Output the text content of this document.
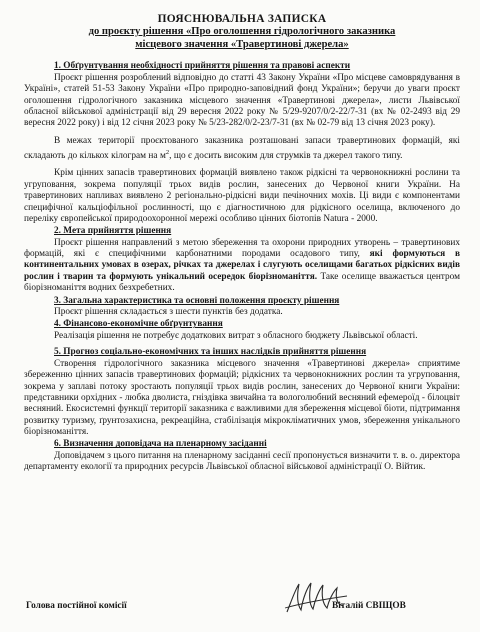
ПОЯСНЮВАЛЬНА ЗАПИСКА

до проєкту рішення «Про оголошення гідрологічного заказника

місцевого значення «Травертинові джерела»

1. Обґрунтування необхідності прийняття рішення та правові аспекти

Проєкт рішення розроблений відповідно до статті 43 Закону України «Про місцеве самоврядування в Україні», статей 51-53 Закону України «Про природно-заповідний фонд України»; беручи до уваги проєкт оголошення гідрологічного заказника місцевого значення «Травертинові джерела», листи Львівської обласної військової адміністрації від 29 вересня 2022 року № 5/29-9207/0/2-22/7-31 (вх № 02-2493 від 29 вересня 2022 року) і від 12 січня 2023 року № 5/23-282/0/2-23/7-31 (вх № 02-79 від 13 січня 2023 року).

В межах території проєктованого заказника розташовані запаси травертинових формацій, які складають до кількох кілограм на $м^2$, що є досить високим для струмків та джерел такого типу.

Крім цінних запасів травертинових формацій виявлено також рідкісні та червонокнижні рослини та угруповання, зокрема популяції трьох видів рослин, занесених до Червоної книги України. На травертинових напливах виявлено 2 регіонально-рідкісні види печіночних мохів. Ці види є компонентами специфічної кальціофільної рослинності, що є діагностичною для рідкісного оселища, включеного до переліку європейської природоохоронної мережі особливо цінних біотопів Natura - 2000.

2. Мета прийняття рішення

Проєкт рішення направлений з метою збереження та охорони природних утворень – травертинових формацій, які є специфічними карбонатними породами осадового типу, які формуються в континентальних умовах в озерах, річках та джерелах і слугують оселищами багатьох рідкісних видів рослин і тварин та формують унікальний осередок біорізноманіття. Таке оселище вважається центром біорізноманіття водних безхребетних.

3. Загальна характеристика та основні положення проєкту рішення

Проєкт рішення складається з шести пунктів без додатка.

4. Фінансово-економічне обґрунтування

Реалізація рішення не потребує додаткових витрат з обласного бюджету Львівської області.

5. Прогноз соціально-економічних та інших наслідків прийняття рішення

Створення гідрологічного заказника місцевого значення «Травертинові джерела» сприятиме збереженню цінних запасів травертинових формацій; рідкісних та червонокнижних рослин та угруповання, зокрема у заплаві потоку зростають популяції трьох видів рослин, занесених до Червоної книги України: представники орхідних - любка дволиста, гніздівка звичайна та вологолюбний весняний ефемероїд - білоцвіт весняний. Екосистемні функції території заказника є важливими для збереження місцевої біоти, підтримання розвитку туризму, ґрунтозахисна, рекреаційна, стабілізація мікрокліматичних умов, збереження унікального біорізноманіття.

6. Визначення доповідача на пленарному засіданні

Доповідачем з цього питання на пленарному засіданні сесії пропонується визначити т. в. о. директора департаменту екології та природних ресурсів Львівської обласної військової адміністрації О. Війтик.

Голова постійної комісії	Віталій СВІЩОВ
